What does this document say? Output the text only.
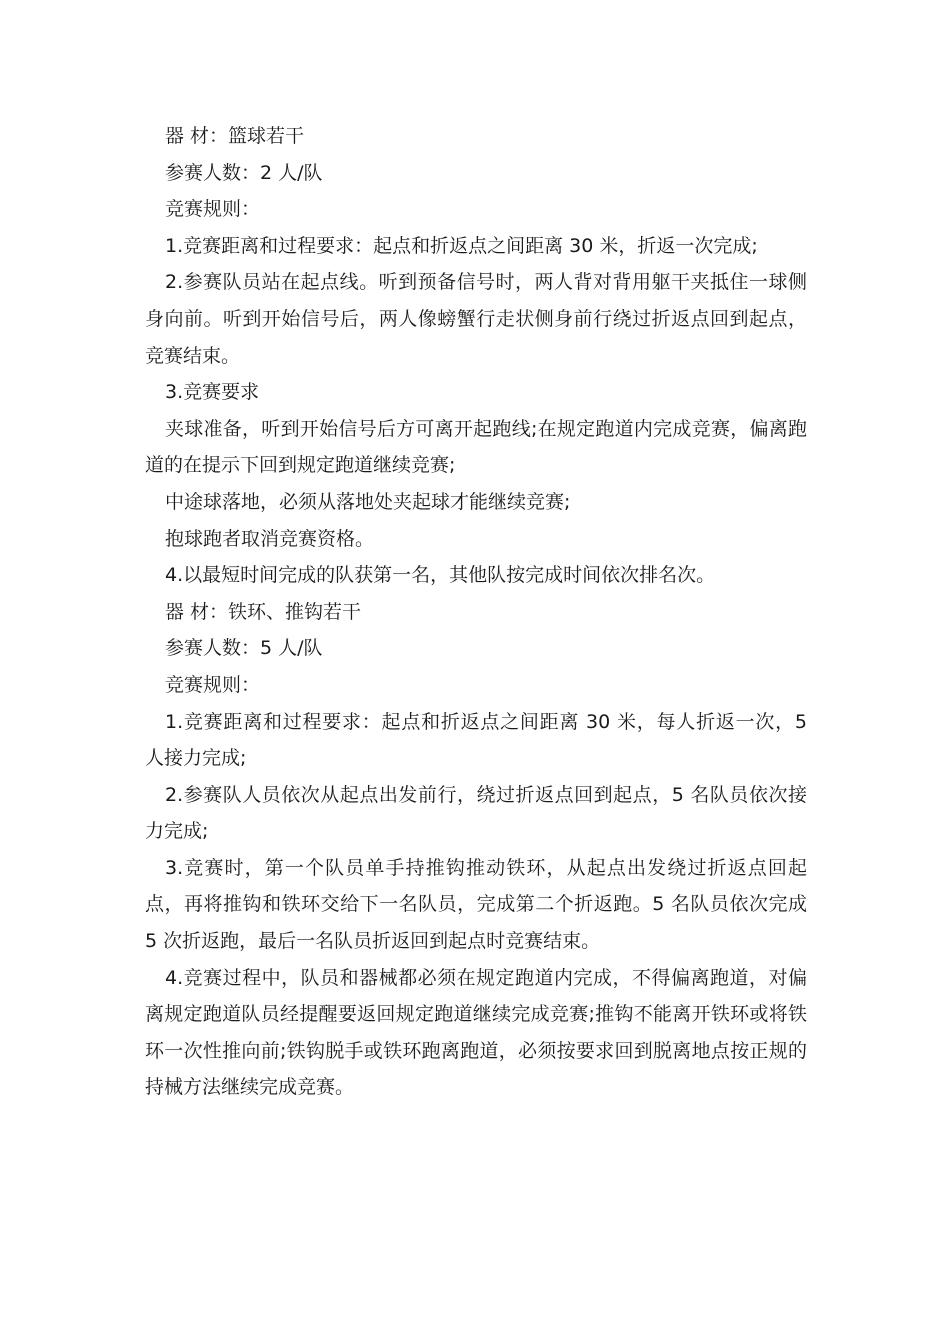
器 材：篮球若干

参赛人数：2 人/队

竞赛规则：

1.竞赛距离和过程要求：起点和折返点之间距离 30 米，折返一次完成;

2.参赛队员站在起点线。听到预备信号时，两人背对背用躯干夹抵住一球侧身向前。听到开始信号后，两人像螃蟹行走状侧身前行绕过折返点回到起点，竞赛结束。

3.竞赛要求

夹球准备，听到开始信号后方可离开起跑线;在规定跑道内完成竞赛，偏离跑道的在提示下回到规定跑道继续竞赛;

中途球落地，必须从落地处夹起球才能继续竞赛;

抱球跑者取消竞赛资格。

4.以最短时间完成的队获第一名，其他队按完成时间依次排名次。

器 材：铁环、推钩若干

参赛人数：5 人/队

竞赛规则：

1.竞赛距离和过程要求：起点和折返点之间距离 30 米，每人折返一次，5 人接力完成;

2.参赛队人员依次从起点出发前行，绕过折返点回到起点，5 名队员依次接力完成;

3.竞赛时，第一个队员单手持推钩推动铁环，从起点出发绕过折返点回起点，再将推钩和铁环交给下一名队员，完成第二个折返跑。5 名队员依次完成 5 次折返跑，最后一名队员折返回到起点时竞赛结束。

4.竞赛过程中，队员和器械都必须在规定跑道内完成，不得偏离跑道，对偏离规定跑道队员经提醒要返回规定跑道继续完成竞赛;推钩不能离开铁环或将铁环一次性推向前;铁钩脱手或铁环跑离跑道，必须按要求回到脱离地点按正规的持械方法继续完成竞赛。
